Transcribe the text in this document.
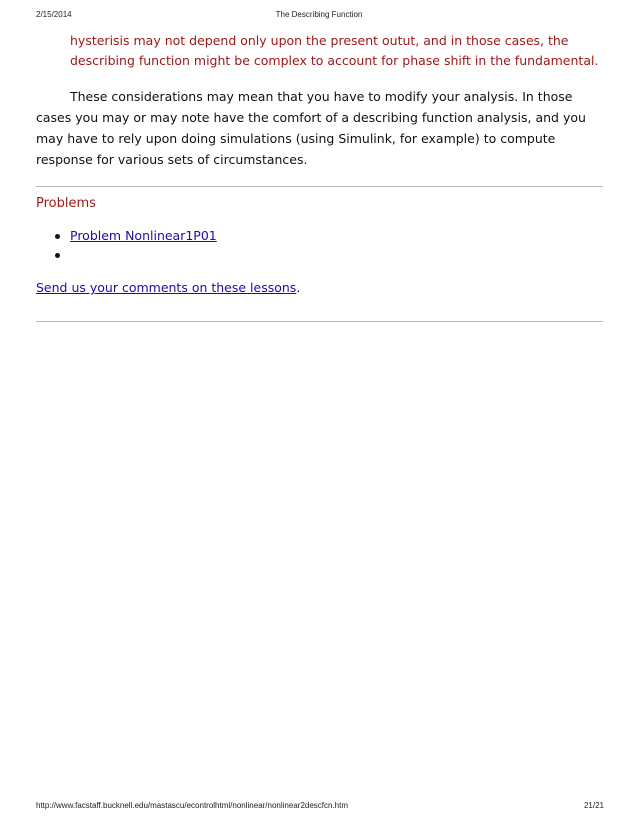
2/15/2014	The Describing Function

hysterisis may not depend only upon the present outut, and in those cases, the describing function might be complex to account for phase shift in the fundamental.

These considerations may mean that you have to modify your analysis. In those cases you may or may note have the comfort of a describing function analysis, and you may have to rely upon doing simulations (using Simulink, for example) to compute response for various sets of circumstances.

Problems
Problem Nonlinear1P01
Send us your comments on these lessons.
http://www.facstaff.bucknell.edu/mastascu/econtrolhtml/nonlinear/nonlinear2descfcn.htm	21/21
